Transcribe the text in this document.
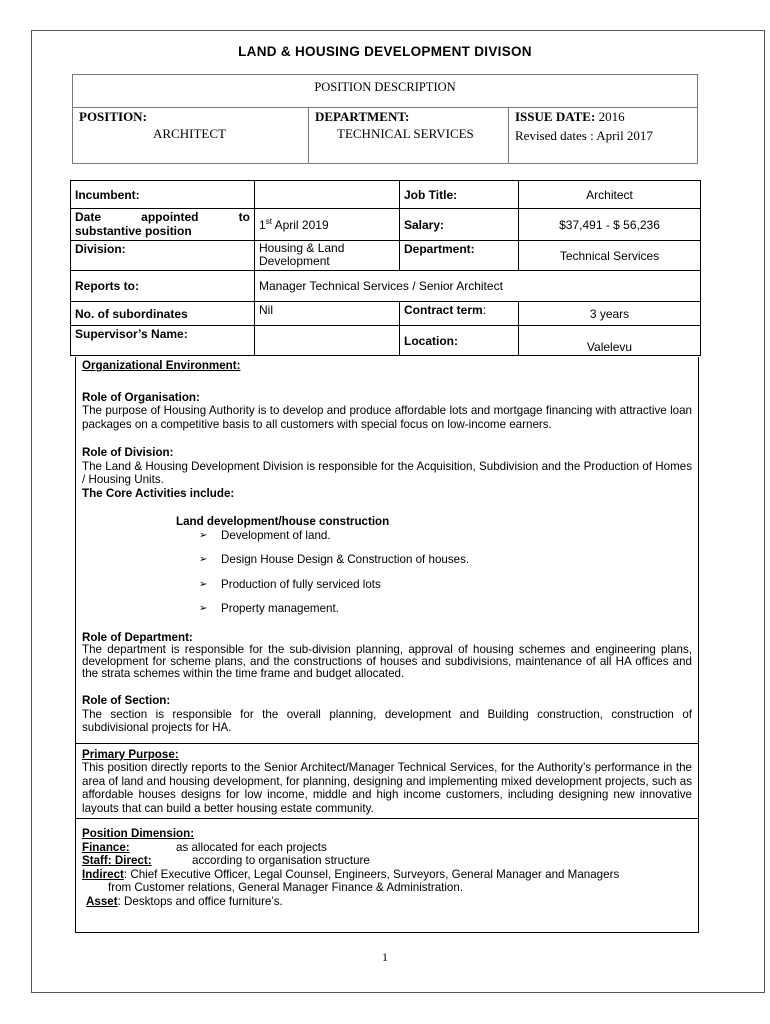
LAND & HOUSING DEVELOPMENT DIVISON
POSITION DESCRIPTION
POSITION:
ARCHITECT
DEPARTMENT:
TECHNICAL SERVICES
ISSUE DATE: 2016
Revised dates : April 2017
Incumbent:		Job Title:	Architect

Date appointed to
substantive position	1st April 2019	Salary:	$37,491 - $ 56,236
Division:	Housing & Land Development	Department:	Technical Services
Reports to:	Manager Technical Services / Senior Architect		
No. of subordinates	Nil	Contract term:	3 years
Supervisor’s Name:		Location:	Valelevu
Organizational Environment:
Role of Organisation:

The purpose of Housing Authority is to develop and produce affordable lots and mortgage financing with attractive loan packages on a competitive basis to all customers with special focus on low-income earners.

Role of Division:

The Land & Housing Development Division is responsible for the Acquisition, Subdivision and the Production of Homes / Housing Units.

The Core Activities include:
Land development/house construction
➢ Development of land.
➢ Design House Design & Construction of houses.
➢ Production of fully serviced lots
➢ Property management.
Role of Department:

The department is responsible for the sub-division planning, approval of housing schemes and engineering plans, development for scheme plans, and the constructions of houses and subdivisions, maintenance of all HA offices and the strata schemes within the time frame and budget allocated.

Role of Section:

The section is responsible for the overall planning, development and Building construction, construction of subdivisional projects for HA.

Primary Purpose:

This position directly reports to the Senior Architect/Manager Technical Services, for the Authority’s performance in the area of land and housing development, for planning, designing and implementing mixed development projects, such as affordable houses designs for low income, middle and high income customers, including designing new innovative layouts that can build a better housing estate community.

Position Dimension:
Finance:	as allocated for each projects
Staff: Direct:	according to organisation structure
Indirect: Chief Executive Officer, Legal Counsel, Engineers, Surveyors, General Manager and Managers
from Customer relations, General Manager Finance & Administration.
Asset: Desktops and office furniture’s.
1
